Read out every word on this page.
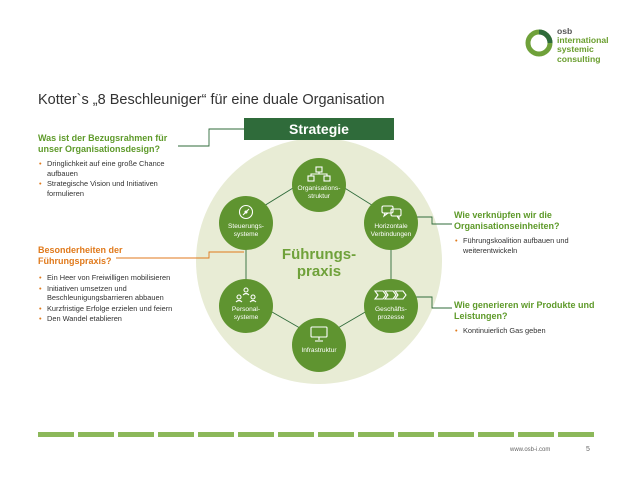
osb
international
systemic
consulting
Kotter`s „8 Beschleuniger“ für eine duale Organisation
Strategie
Organisations-
struktur
Steuerungs-
systeme
Horizontale
Verbindungen
Personal-
systeme
Geschäfts-
prozesse
Infrastruktur
Führungs-
praxis
Was ist der Bezugsrahmen für unser Organisationsdesign?
• Dringlichkeit auf eine große Chance aufbauen
• Strategische Vision und Initiativen formulieren
Besonderheiten der Führungspraxis?
• Ein Heer von Freiwilligen mobilisieren
• Initiativen umsetzen und Beschleunigungsbarrieren abbauen
• Kurzfristige Erfolge erzielen und feiern
• Den Wandel etablieren
Wie verknüpfen wir die Organisationseinheiten?
• Führungskoalition aufbauen und weiterentwickeln
Wie generieren wir Produkte und Leistungen?
• Kontinuierlich Gas geben
www.osb-i.com	5
